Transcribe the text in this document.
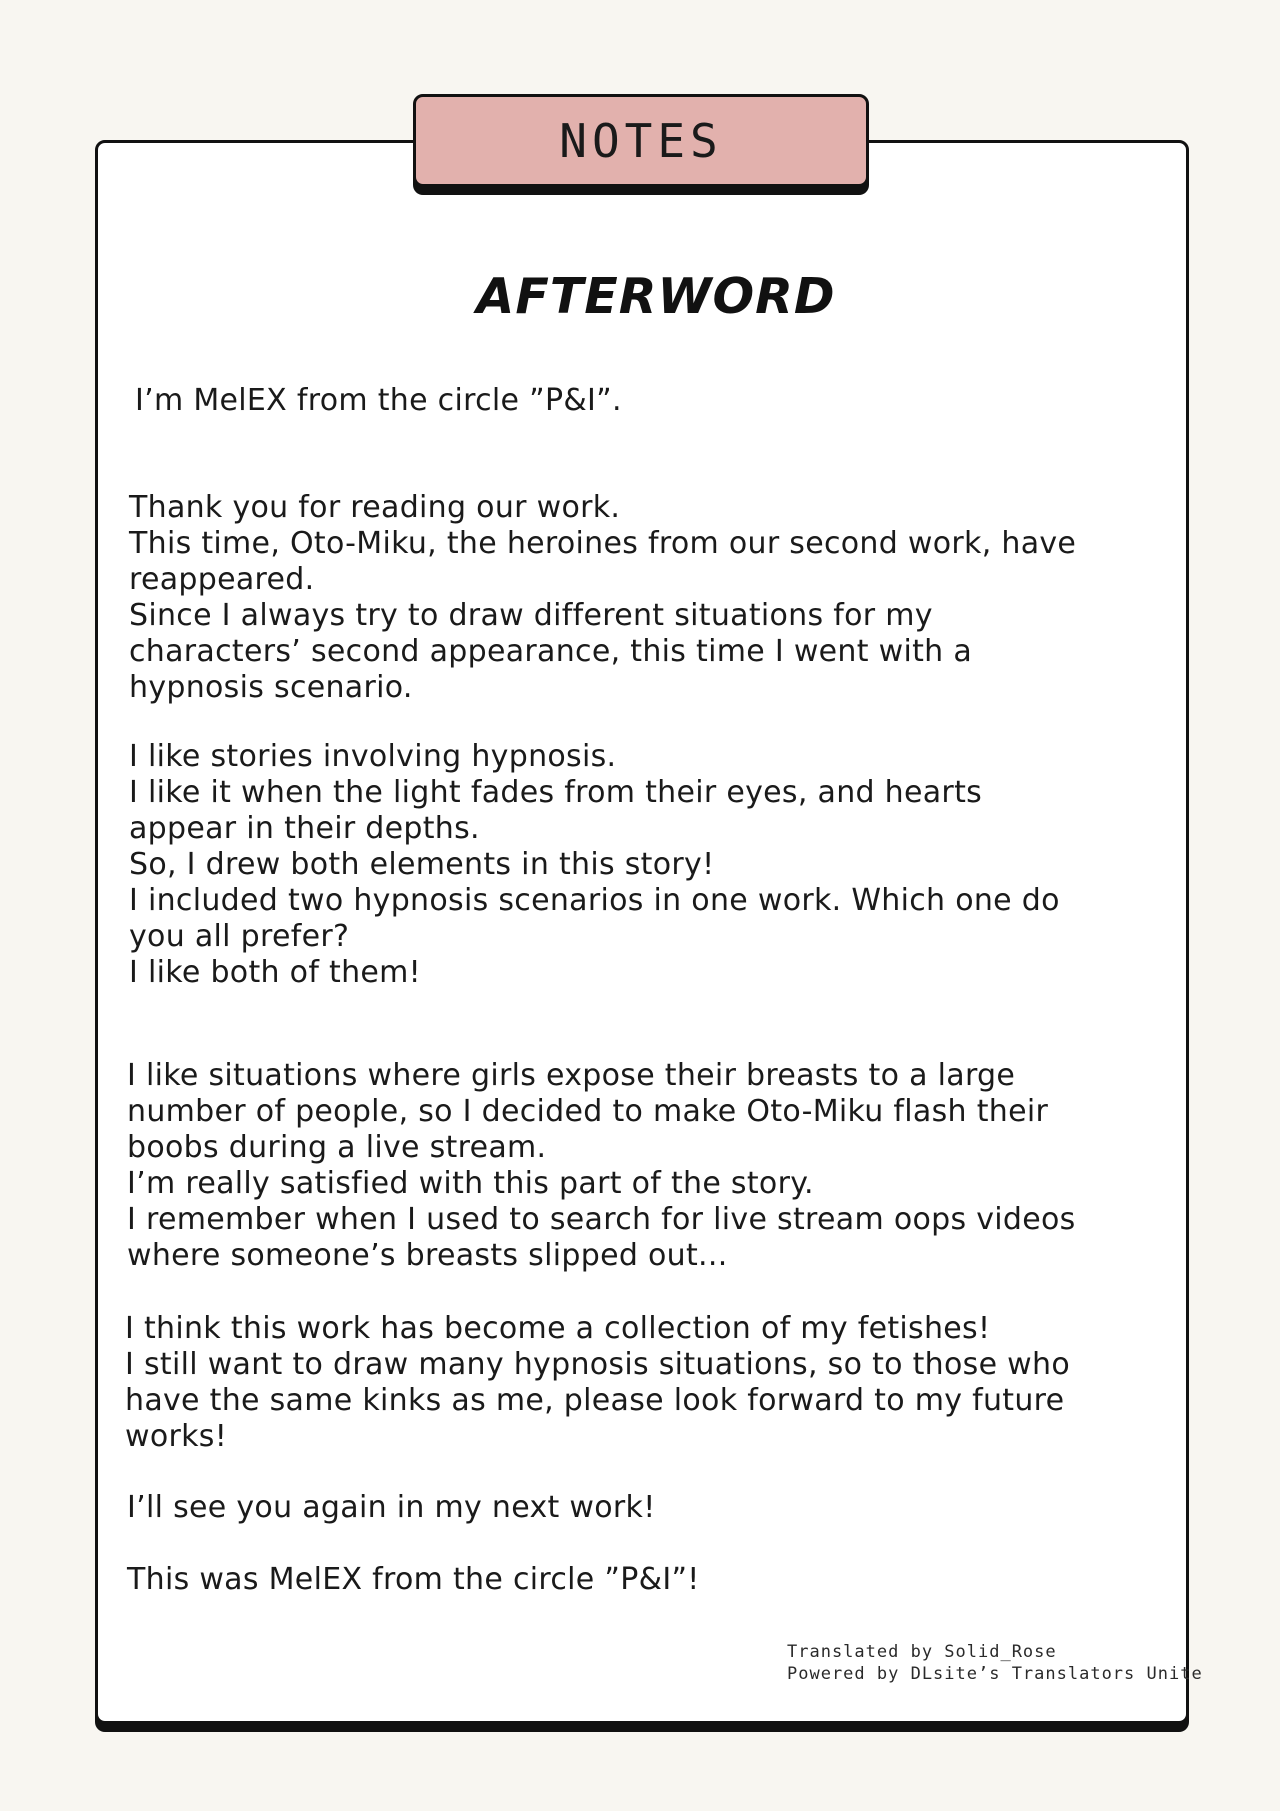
NOTES
AFTERWORD

I’m MelEX from the circle ”P&I”.

Thank you for reading our work.
This time, Oto-Miku, the heroines from our second work, have
reappeared.
Since I always try to draw different situations for my
characters’ second appearance, this time I went with a
hypnosis scenario.

I like stories involving hypnosis.
I like it when the light fades from their eyes, and hearts
appear in their depths.
So, I drew both elements in this story!
I included two hypnosis scenarios in one work. Which one do
you all prefer?
I like both of them!

I like situations where girls expose their breasts to a large
number of people, so I decided to make Oto-Miku flash their
boobs during a live stream.
I’m really satisfied with this part of the story.
I remember when I used to search for live stream oops videos
where someone’s breasts slipped out...

I think this work has become a collection of my fetishes!
I still want to draw many hypnosis situations, so to those who
have the same kinks as me, please look forward to my future
works!

I’ll see you again in my next work!

This was MelEX from the circle ”P&I”!

Translated by Solid_Rose
Powered by DLsite’s Translators Unite
